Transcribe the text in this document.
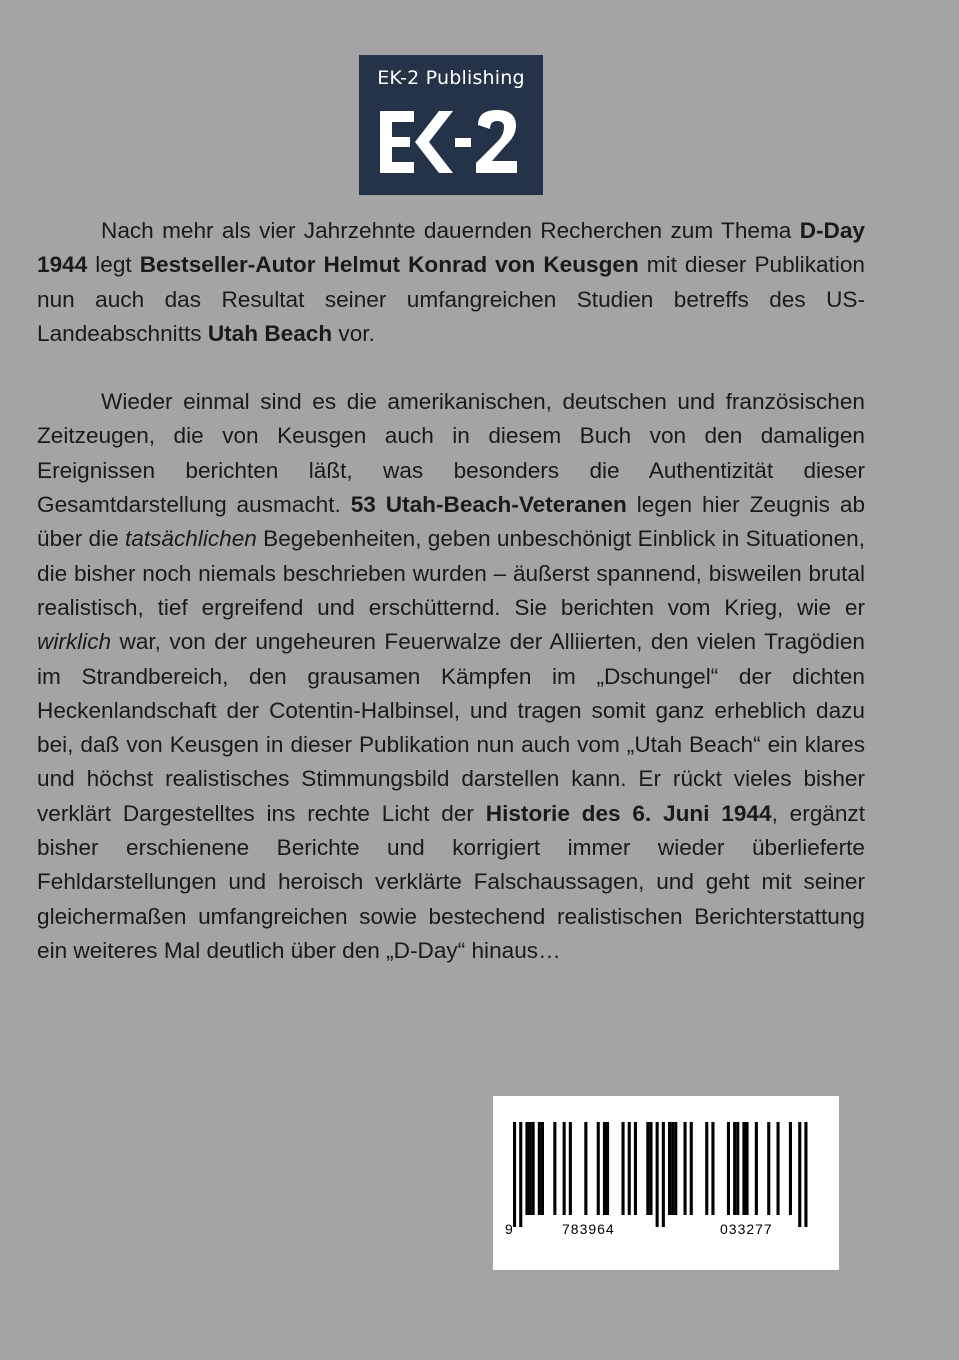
EK-2 Publishing

Nach mehr als vier Jahrzehnte dauernden Recherchen zum Thema D-Day 1944 legt Bestseller-Autor Helmut Konrad von Keusgen mit dieser Publikation nun auch das Resultat seiner umfangreichen Studien betreffs des US-Landeabschnitts Utah Beach vor.

Wieder einmal sind es die amerikanischen, deutschen und französischen Zeitzeugen, die von Keusgen auch in diesem Buch von den damaligen Ereignissen berichten läßt, was besonders die Authentizität dieser Gesamtdarstellung ausmacht. 53 Utah-Beach-Veteranen legen hier Zeugnis ab über die tatsächlichen Begebenheiten, geben unbeschönigt Einblick in Situationen, die bisher noch niemals beschrieben wurden – äußerst spannend, bisweilen brutal realistisch, tief ergreifend und erschütternd. Sie berichten vom Krieg, wie er wirklich war, von der ungeheuren Feuerwalze der Alliierten, den vielen Tragödien im Strandbereich, den grausamen Kämpfen im „Dschungel“ der dichten Heckenlandschaft der Cotentin-Halbinsel, und tragen somit ganz erheblich dazu bei, daß von Keusgen in dieser Publikation nun auch vom „Utah Beach“ ein klares und höchst realistisches Stimmungsbild darstellen kann. Er rückt vieles bisher verklärt Dargestelltes ins rechte Licht der Historie des 6. Juni 1944, ergänzt bisher erschienene Berichte und korrigiert immer wieder überlieferte Fehldarstellungen und heroisch verklärte Falschaussagen, und geht mit seiner gleichermaßen umfangreichen sowie bestechend realistischen Berichterstattung ein weiteres Mal deutlich über den „D-Day“ hinaus…

9	783964	033277
